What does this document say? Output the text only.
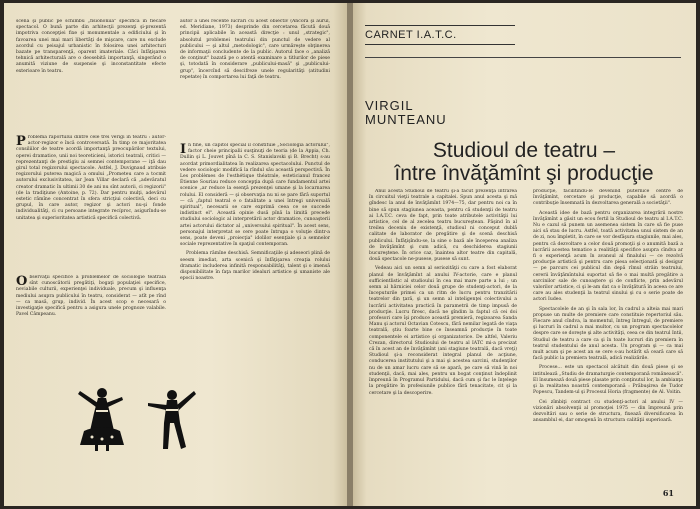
scenă şi public pe schimbu „fisiononiia" specifică în fiecare spectacol. O bună parte din arhitecţii prezenţi şi-prezentă impotriva concepţiei fixe şi monumentale a edificiului şi în favoarea unei mai mari libertăţi de mişcare, care nu exclude acordul cu peisajul urbanistic în folosirea unei arhitecturi bazate pe transparenţă, oparent imateriale. Căci înfăţişarea tehnică arhitecturală are o deosebită importanţă, singerând o anumită viziune de suspensie şi inconstantitate efecte exterioare în teatru.

Problema raportului dintre cele trei verigi în teatru : autor-actor-regizor e încă controversată. În timp ce majoritatea consiliilor de teatre acordă importanţă preocupărilor textului, operei dramatice, unii noi teoreticieni, istorici teatrali, critici — reprezentanţi de prestigiu ai semnei contemporane — iţă dau girul total regizorului spectacole. Astfel, J. Duvignaud atribuie regizorului puterea magică a omului „Prometeu care a tocmit autorului exclusivitatea, iar Jean Villar declară că „adevăratul creator dramatic în ultimii 30 de ani nu sînt autorii, ci regizorii" (de la tradiţiune (Antoine, p. 72). Dar pentru mulţi, adevărul estetic rămîne concentrat în sfera stricţiui colectivă, deci cu grupul, în care autor, regizor şi actori nu-şi fonde individualităţi, ci cu persoane integrate recíproc, asigurîndu-se unitatea şi superioritatea artistică specifică colectivă.

Observaţii specifice a problemelor de sociologie teatrală sînt cunoscătorii pregătiţi, bogaţi populaţiei specifice, neviabile culturii, experienţei individuale, precum şi influenţa mediului asupra publicului în teatru, considerat — atît pe rînd — ca masă, grup, individ. În acest scop e necesară o investigaţie specifică pentru a asigura unele prognoze valabile. Pavel Câmpeanu.

autor a unei recente lucrări cu acest obiectiv (Ancoră şi aurul, ed. Meridiane, 1973) desprinde din cercetarea făcută două principii aplicabile în această direcţie : unul „strategic", absolutul problemei teatrului din punctul de vedere al publicului — şi altul „metodologic", care urmăreşte obţinerea de informaţii concludente de la public. Autorul face o „analiză de conţinut" bazată pe o atentă examinare a titlurilor de piese şi, totodată în considerare „publicului-masă" şi „publicului-grup", încercînd să descifreze unele regularităţi (atitudini repetate) în comportarea lui faţă de teatru.

În fine, un capitol special îl constituie „Sociologia actorului", factor cheie principalii susţinuţi de teoria (de la Appia, Ch. Dullin şi L. Jouvet pînă la C. S. Stanislavski şi B. Brecht) s-au acordat primordialitatea în realizarea spectacolului. Punctul de vedere sociologic modifică la rîndul său această perspectivă. În Les problèmes de l'esthétique théatrale, esteticianul francez Étienne Souriau reduce concepţia după care fundamentul artei scenice „ar reduce la esenţă prezenţei umane şi la locarnarea rolului. El consideră — şi observaţia nu ni se pare fără suportul — că „faptul teatral e o fatalitate a unei întregi universală spiritual", necesarii se care exprimă ceea ce se succede indistinct el". Această opinie dusă pînă la limită precede studiului sociologic al interpretării actor dramatice, cunoaşterii artei actorului dictator al „universului spiritual". În acest sens, personajul interpretat se cere poate întrupa o voluţie dintr-a sens, poate deveni „proiecţia" idolilor esenţiale şi a semnelor sociale reprezentative în spaţiul contemporan.

Problema rămîne deschisă. Semnificaţiile şi adeseori plină de seesm imediat, arta scenică şi înfăţişarea creaţia rolului dramatic includerea infinită responsabilităţi, talent şi o imensă disponibilitate în faţa marilor idealuri artistice şi umaniste ale epocii noastre.

CARNET I.A.T.C.
VIRGIL
MUNTEANU
Studioul de teatru –
între învăţămînt şi producţie

Anul acesta Studioul de teatru şi-a făcut prezenţa intrarea în circuitul vieţii teatrale a capitalei. Spun anul acesta şi mă gîndesc la anul de învăţămînt 1974—75, dar pentru noi ca în bine să spun stagiunea aceasta, pentru că studenţii de teatru ai I.A.T.C. ceva de fapt, prin toate atributele activităţii lui artistice, cel de al zecelea teatru bucureştean. Păşind în al treilea deceniu de existenţă, studioul ni conceput dublă calitate de laborator de pregătire şi de scenă deschisă publicului. Înfăţişîndu-se, la sine o bază ale începerea analiza de învăţămînt şi cum adică, cu deschiderea stagiunii bucureştene. În orice caz, înaintea altor teatre din capitală, două spectacole ne-pusese, pusese să sunt.

Vedeau aici un semn al seriozităţii cu care a fost elaborat planul de învăţămînt al anului IV-actorie, care e planul sufficientlistic al studioului în cea mai mare parte a lui ; un semn al hărniciei celor două grupe de studenţi-actori, de la începuturile primei ca un ritm de lucru pentru tranzitării teatrelor din ţară, şi un semn al inteligenţei colectivului a lucrării activitatea practică în parametrii de timp impusă de producţie. Lucru firesc, dacă ne gîndim la faptul că cei doi profesori care îşi produce această premieră, regizoarea Sanda Manu şi actorul Octavian Cotescu, fără nemilar legată de viaţa teatrală, ştiu foarte bine ce înseamnă producţie în toate componentele ei artistice şi organizatorice. De altfel, Valeriu Crezan, directorul Studioului de teatru al IATC mi-a precizat că în acest an de învăţămînt (ani stagiune teatrală, dacă vreţi) Studioul şi-a reconsiderat integral planul de acţiune, conducerea institutului şi a mai şi acestea sarcini, studenţilor nu de un amar lucru care să se apară, pe care să vină în noi studenţii, dacă, mai ales, pentru un bogat conţinut îndeplinit împreună în Programul Partidului, dacă cum şi fac le înţelege la pregătire în profesiunile publice fără tenacitate, cit şi la cercetare şi la descoperire.

producţie, facilitîndu-le devenind puternice centre de învăţămînt, cercetare şi producţie, capabile să acordă o contribuţie însemnată în dezvoltarea generală a societăţii".

Această idee de bază pentru organizarea integrării nostre învăţămînt a găsit un ecou fertil la Studioul de teatru al I.A.T.C. Nu e cazul să punem un asemenea sistem în care să fie puse aici să stau de lucru. Astfel, toată activitatea unui sistem de an de zi, nou împletit, în care se vor desfăşura stagiunile, mai ales, pentru că dezvoltare a celor două promoţii şi o anumită bază a lucrării acestea tematice a realităţii specifice asupra cîndva ar fi o experienţă acum în avansul al finalului — ce rezolvă producţie artistică şi pentru care piesa selecţionată şi desigur — pe parcurs cei publicul din depă rîmul străin teatrului, cererii învăţămîntului suportat să fie o mai multă pregătire a sarcinilor sale de cunoaştere şi de conflicte, prin adevărul valorilor artistice, ci şi le-am dat ca o învăţătură în aceea ce are care au ales studenţii la teatrul sinului şi cu o serie poate de actori Iudeo.

Spectacolele de an şi în sala lor, în cadrul a alteia mai mari propuse un multe de premiere care constituie repertoriul său. Fiecare anul cîndva, la momentul, întreg întregul, de premiere şi lucruri în cadrul a mai multor, cu un program spectacolelor despre care se doreşte şi alte activităţi, ceea ce din teatrul Intii, Studiul de teatru a care ca şi în toate lucruri din premiera în teatrul studentului de anul acesta. Un program şi — ca mai mult acum şi pe acest an se cere s-au hotărît să ceară care să facă public la premiera teatrală, adică realizările.

Procese... este un spectacol alcătuit din două piese şi se intitulează „Studiu de dramaturgie contemporană românească". El însumează două piese plasate prin conţinutul lor, la ambianţa şi la realitatea noastră contemporană : Prăbuşirea de Tudor Popescu, Tandem-ul şi Procesul Horia (fragmente) de Al. Voitin.

Cei zîmbiţi contract cu studenţi-actori al anului IV — vizionări absolvenţii al promoţiei 1975 — din împreună prin dezvoltări sau o serie de structura, fixează diversificarea în ansamblul ei, dar omogenă în structura calităţii superioară.

61
